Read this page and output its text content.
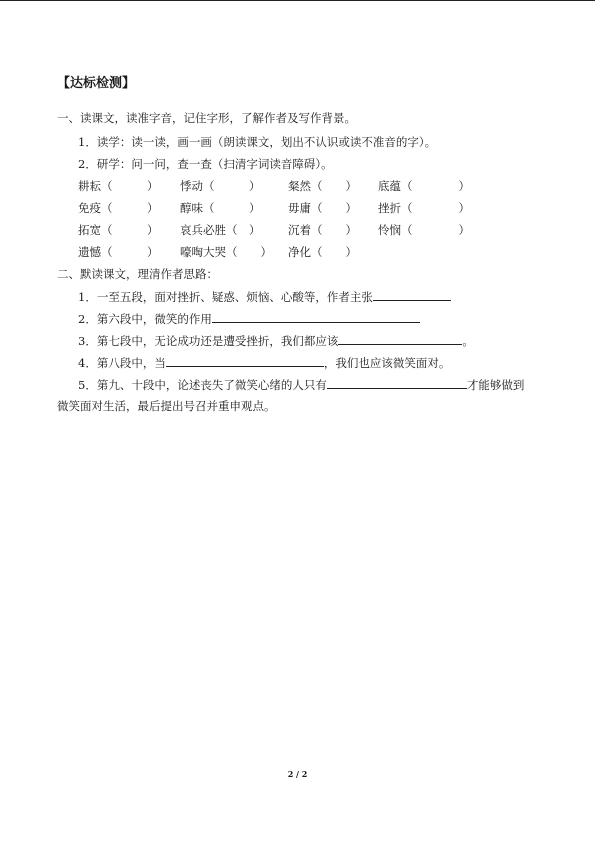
【达标检测】
一、读课文，读准字音，记住字形，了解作者及写作背景。
1．读学：读一读，画一画（朗读课文，划出不认识或读不准音的字）。
2．研学：问一问，查一查（扫清字词读音障碍）。
耕耘（　　　） 悸动（　　　） 粲然（　　） 底蕴（　　　　）
免疫（　　　） 醇味（　　　） 毋庸（　　） 挫折（　　　　）
拓宽（　　　） 哀兵必胜（　） 沉着（　　） 怜悯（　　　　）
遗憾（　　　） 嚎啕大哭（　　） 净化（　　）
二、默读课文，理清作者思路：
1．一至五段，面对挫折、疑惑、烦恼、心酸等，作者主张
2．第六段中，微笑的作用
3．第七段中，无论成功还是遭受挫折，我们都应该	。
4．第八段中，当	，我们也应该微笑面对。
5．第九、十段中，论述丧失了微笑心绪的人只有	才能够做到
微笑面对生活，最后提出号召并重申观点。
2 / 2
